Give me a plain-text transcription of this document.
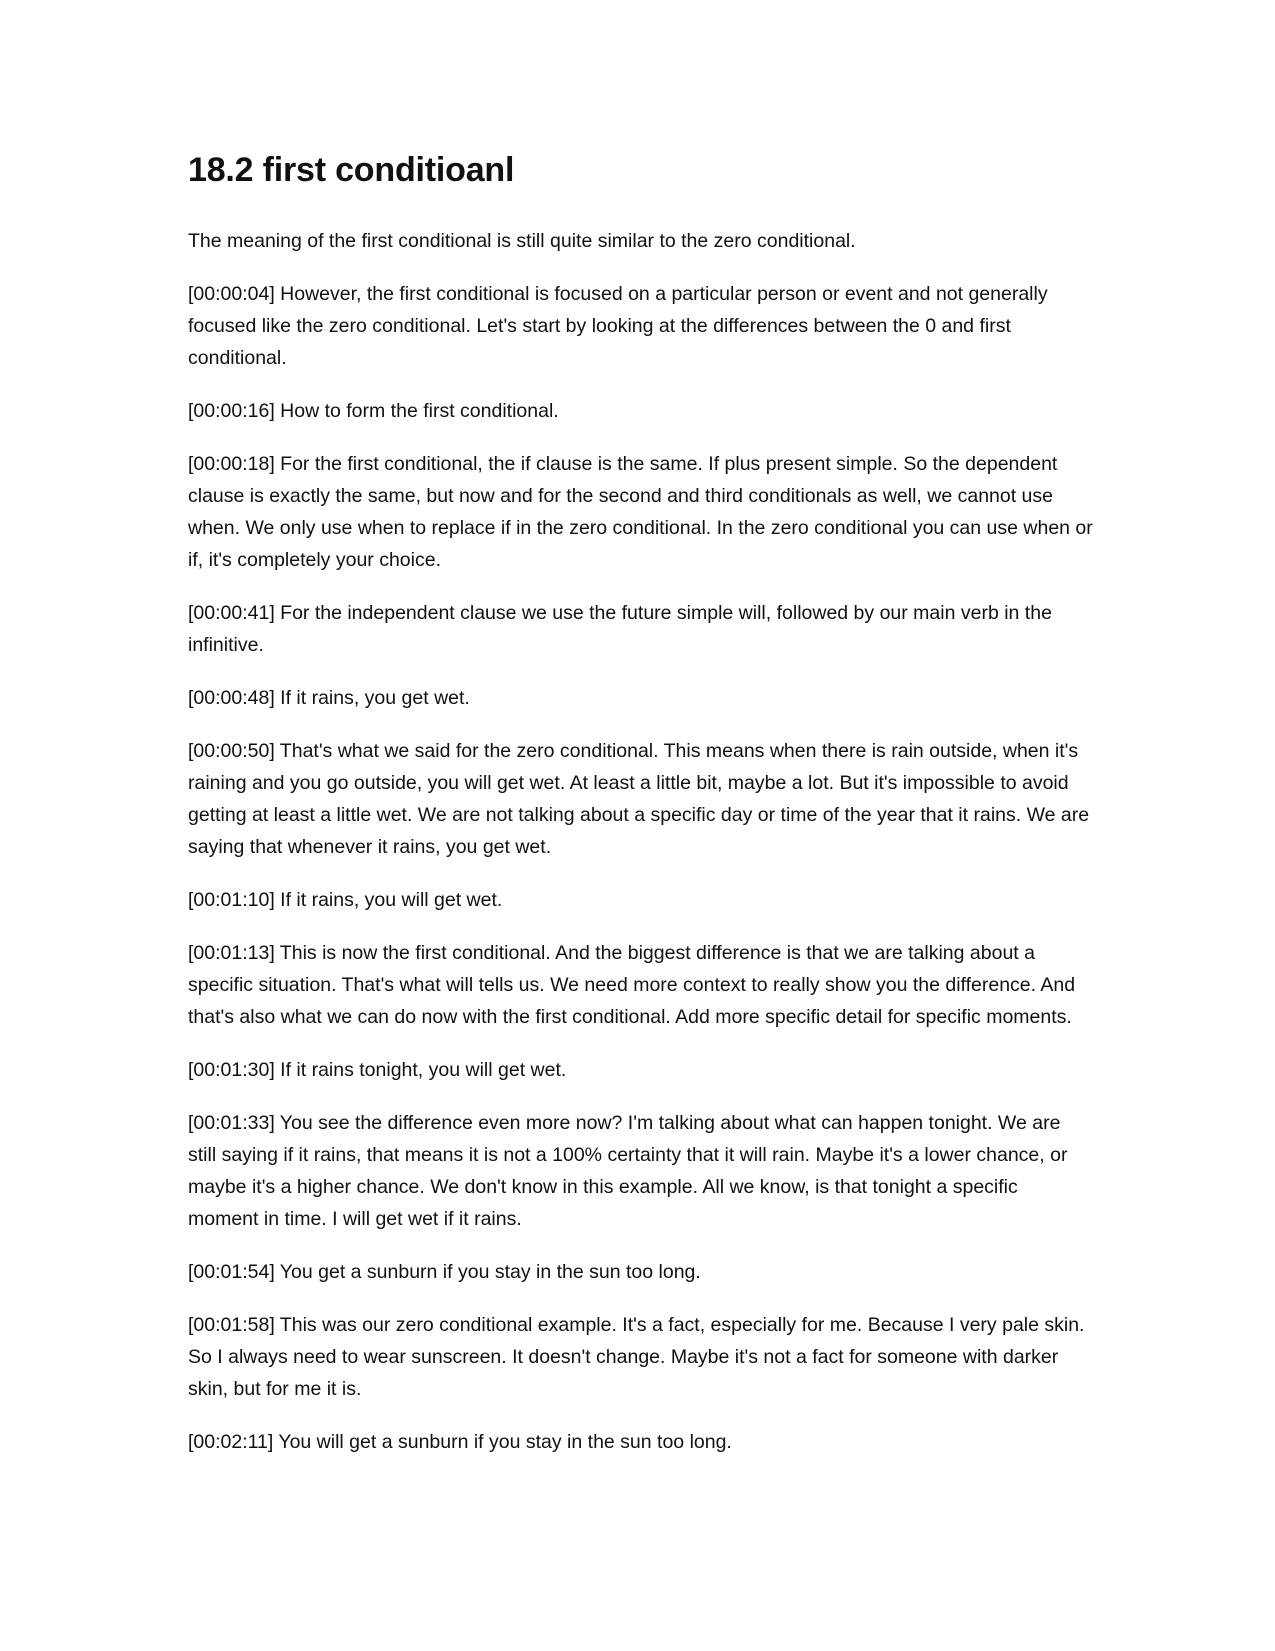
18.2 first conditioanl

The meaning of the first conditional is still quite similar to the zero conditional.

[00:00:04] However, the first conditional is focused on a particular person or event and not generally focused like the zero conditional. Let's start by looking at the differences between the 0 and first conditional.

[00:00:16] How to form the first conditional.

[00:00:18] For the first conditional, the if clause is the same. If plus present simple. So the dependent clause is exactly the same, but now and for the second and third conditionals as well, we cannot use when. We only use when to replace if in the zero conditional. In the zero conditional you can use when or if, it's completely your choice.

[00:00:41] For the independent clause we use the future simple will, followed by our main verb in the infinitive.

[00:00:48] If it rains, you get wet.

[00:00:50] That's what we said for the zero conditional. This means when there is rain outside, when it's raining and you go outside, you will get wet. At least a little bit, maybe a lot. But it's impossible to avoid getting at least a little wet. We are not talking about a specific day or time of the year that it rains. We are saying that whenever it rains, you get wet.

[00:01:10] If it rains, you will get wet.

[00:01:13] This is now the first conditional. And the biggest difference is that we are talking about a specific situation. That's what will tells us. We need more context to really show you the difference. And that's also what we can do now with the first conditional. Add more specific detail for specific moments.

[00:01:30] If it rains tonight, you will get wet.

[00:01:33] You see the difference even more now? I'm talking about what can happen tonight. We are still saying if it rains, that means it is not a 100% certainty that it will rain. Maybe it's a lower chance, or maybe it's a higher chance. We don't know in this example. All we know, is that tonight a specific moment in time. I will get wet if it rains.

[00:01:54] You get a sunburn if you stay in the sun too long.

[00:01:58] This was our zero conditional example. It's a fact, especially for me. Because I very pale skin. So I always need to wear sunscreen. It doesn't change. Maybe it's not a fact for someone with darker skin, but for me it is.

[00:02:11] You will get a sunburn if you stay in the sun too long.
